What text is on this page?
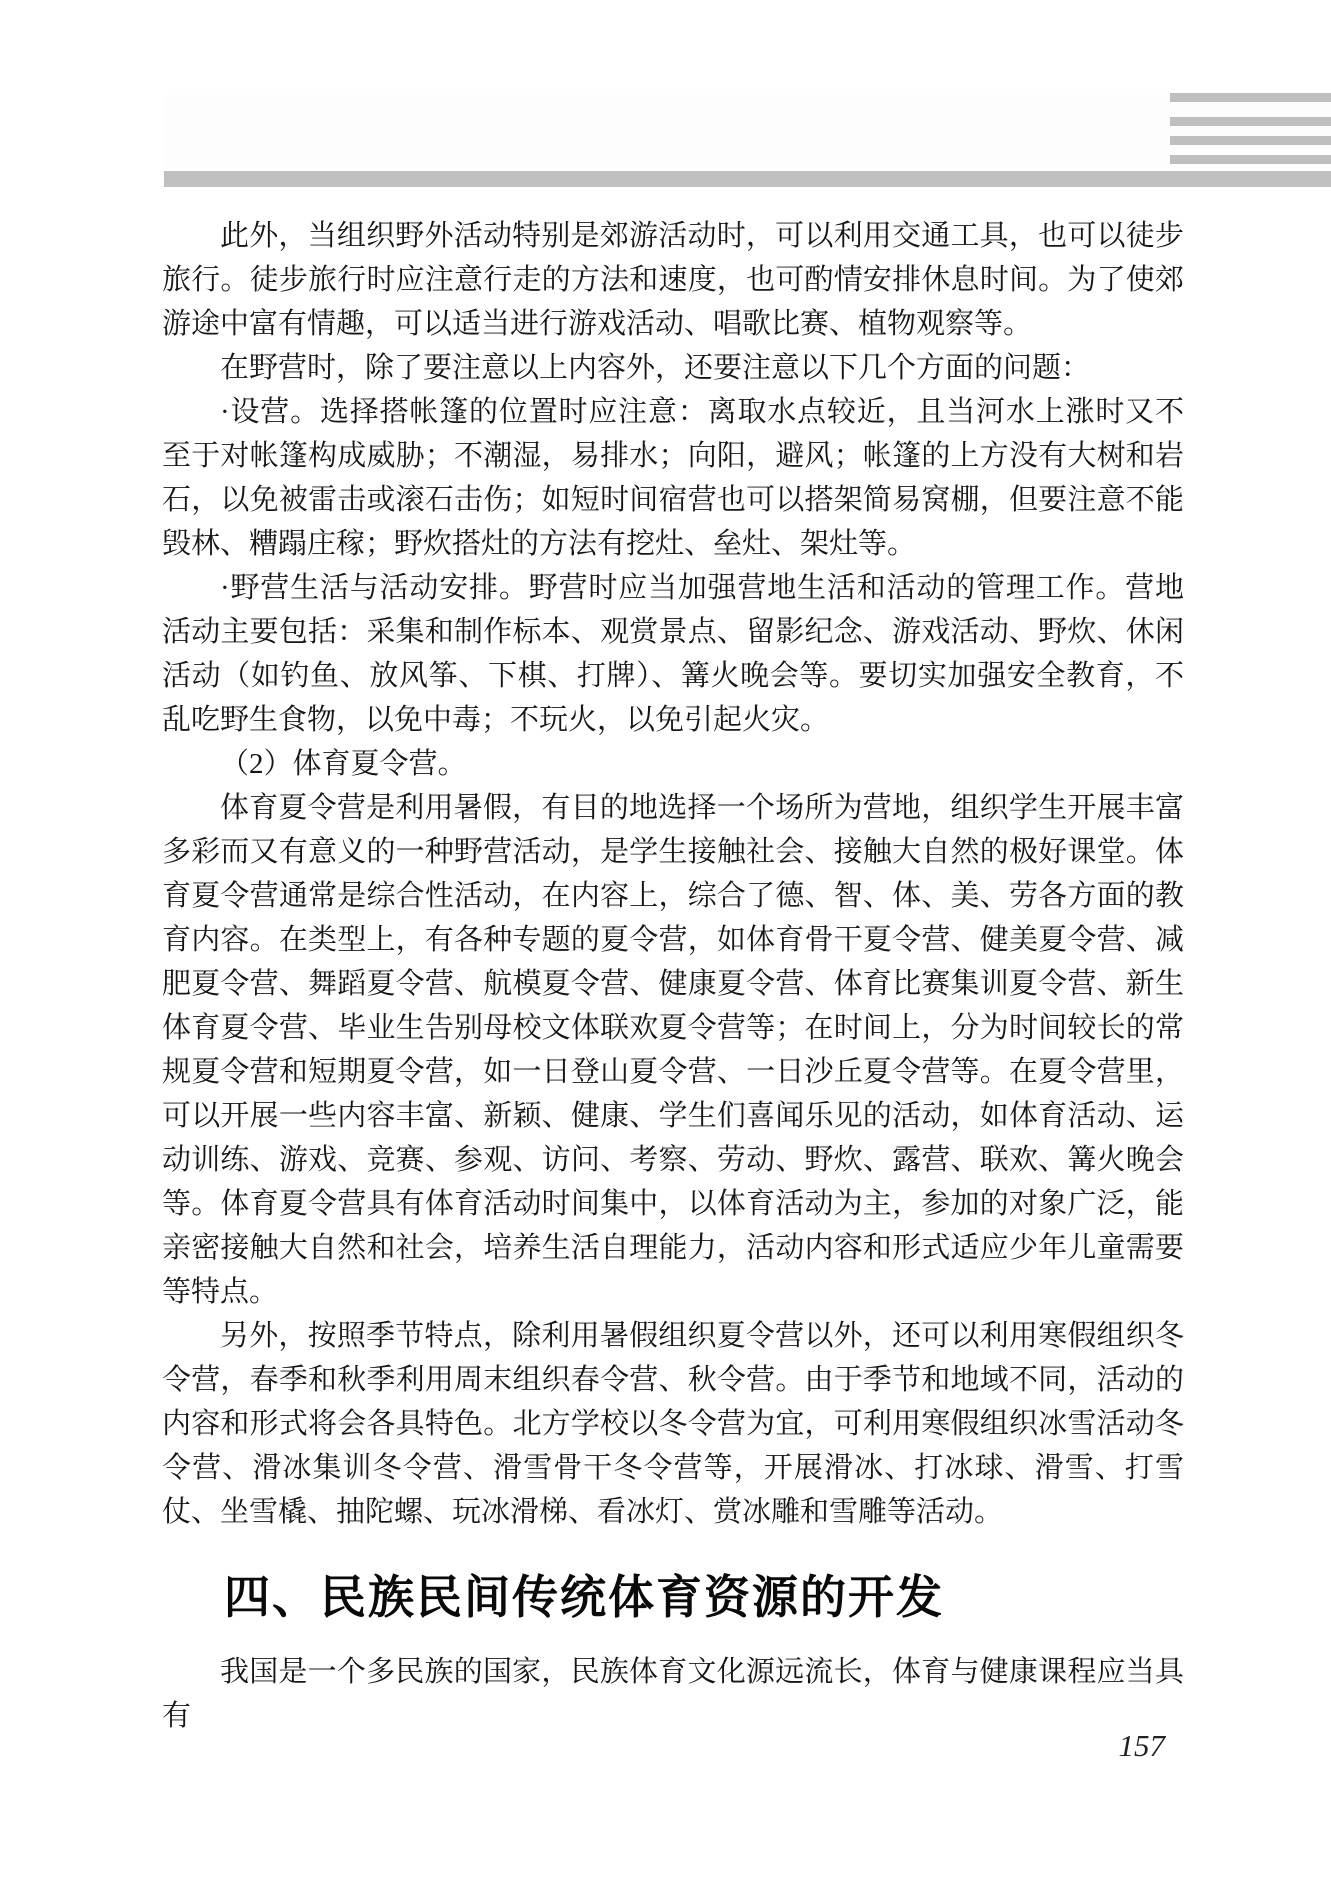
此外，当组织野外活动特别是郊游活动时，可以利用交通工具，也可以徒步旅行。徒步旅行时应注意行走的方法和速度，也可酌情安排休息时间。为了使郊游途中富有情趣，可以适当进行游戏活动、唱歌比赛、植物观察等。

在野营时，除了要注意以上内容外，还要注意以下几个方面的问题：

·设营。选择搭帐篷的位置时应注意：离取水点较近，且当河水上涨时又不至于对帐篷构成威胁；不潮湿，易排水；向阳，避风；帐篷的上方没有大树和岩石，以免被雷击或滚石击伤；如短时间宿营也可以搭架简易窝棚，但要注意不能毁林、糟蹋庄稼；野炊搭灶的方法有挖灶、垒灶、架灶等。

·野营生活与活动安排。野营时应当加强营地生活和活动的管理工作。营地活动主要包括：采集和制作标本、观赏景点、留影纪念、游戏活动、野炊、休闲活动（如钓鱼、放风筝、下棋、打牌）、篝火晚会等。要切实加强安全教育，不乱吃野生食物，以免中毒；不玩火，以免引起火灾。

（2）体育夏令营。

体育夏令营是利用暑假，有目的地选择一个场所为营地，组织学生开展丰富多彩而又有意义的一种野营活动，是学生接触社会、接触大自然的极好课堂。体育夏令营通常是综合性活动，在内容上，综合了德、智、体、美、劳各方面的教育内容。在类型上，有各种专题的夏令营，如体育骨干夏令营、健美夏令营、减肥夏令营、舞蹈夏令营、航模夏令营、健康夏令营、体育比赛集训夏令营、新生体育夏令营、毕业生告别母校文体联欢夏令营等；在时间上，分为时间较长的常规夏令营和短期夏令营，如一日登山夏令营、一日沙丘夏令营等。在夏令营里，可以开展一些内容丰富、新颖、健康、学生们喜闻乐见的活动，如体育活动、运动训练、游戏、竞赛、参观、访问、考察、劳动、野炊、露营、联欢、篝火晚会等。体育夏令营具有体育活动时间集中，以体育活动为主，参加的对象广泛，能亲密接触大自然和社会，培养生活自理能力，活动内容和形式适应少年儿童需要等特点。

另外，按照季节特点，除利用暑假组织夏令营以外，还可以利用寒假组织冬令营，春季和秋季利用周末组织春令营、秋令营。由于季节和地域不同，活动的内容和形式将会各具特色。北方学校以冬令营为宜，可利用寒假组织冰雪活动冬令营、滑冰集训冬令营、滑雪骨干冬令营等，开展滑冰、打冰球、滑雪、打雪仗、坐雪橇、抽陀螺、玩冰滑梯、看冰灯、赏冰雕和雪雕等活动。

四、民族民间传统体育资源的开发

我国是一个多民族的国家，民族体育文化源远流长，体育与健康课程应当具有

157
